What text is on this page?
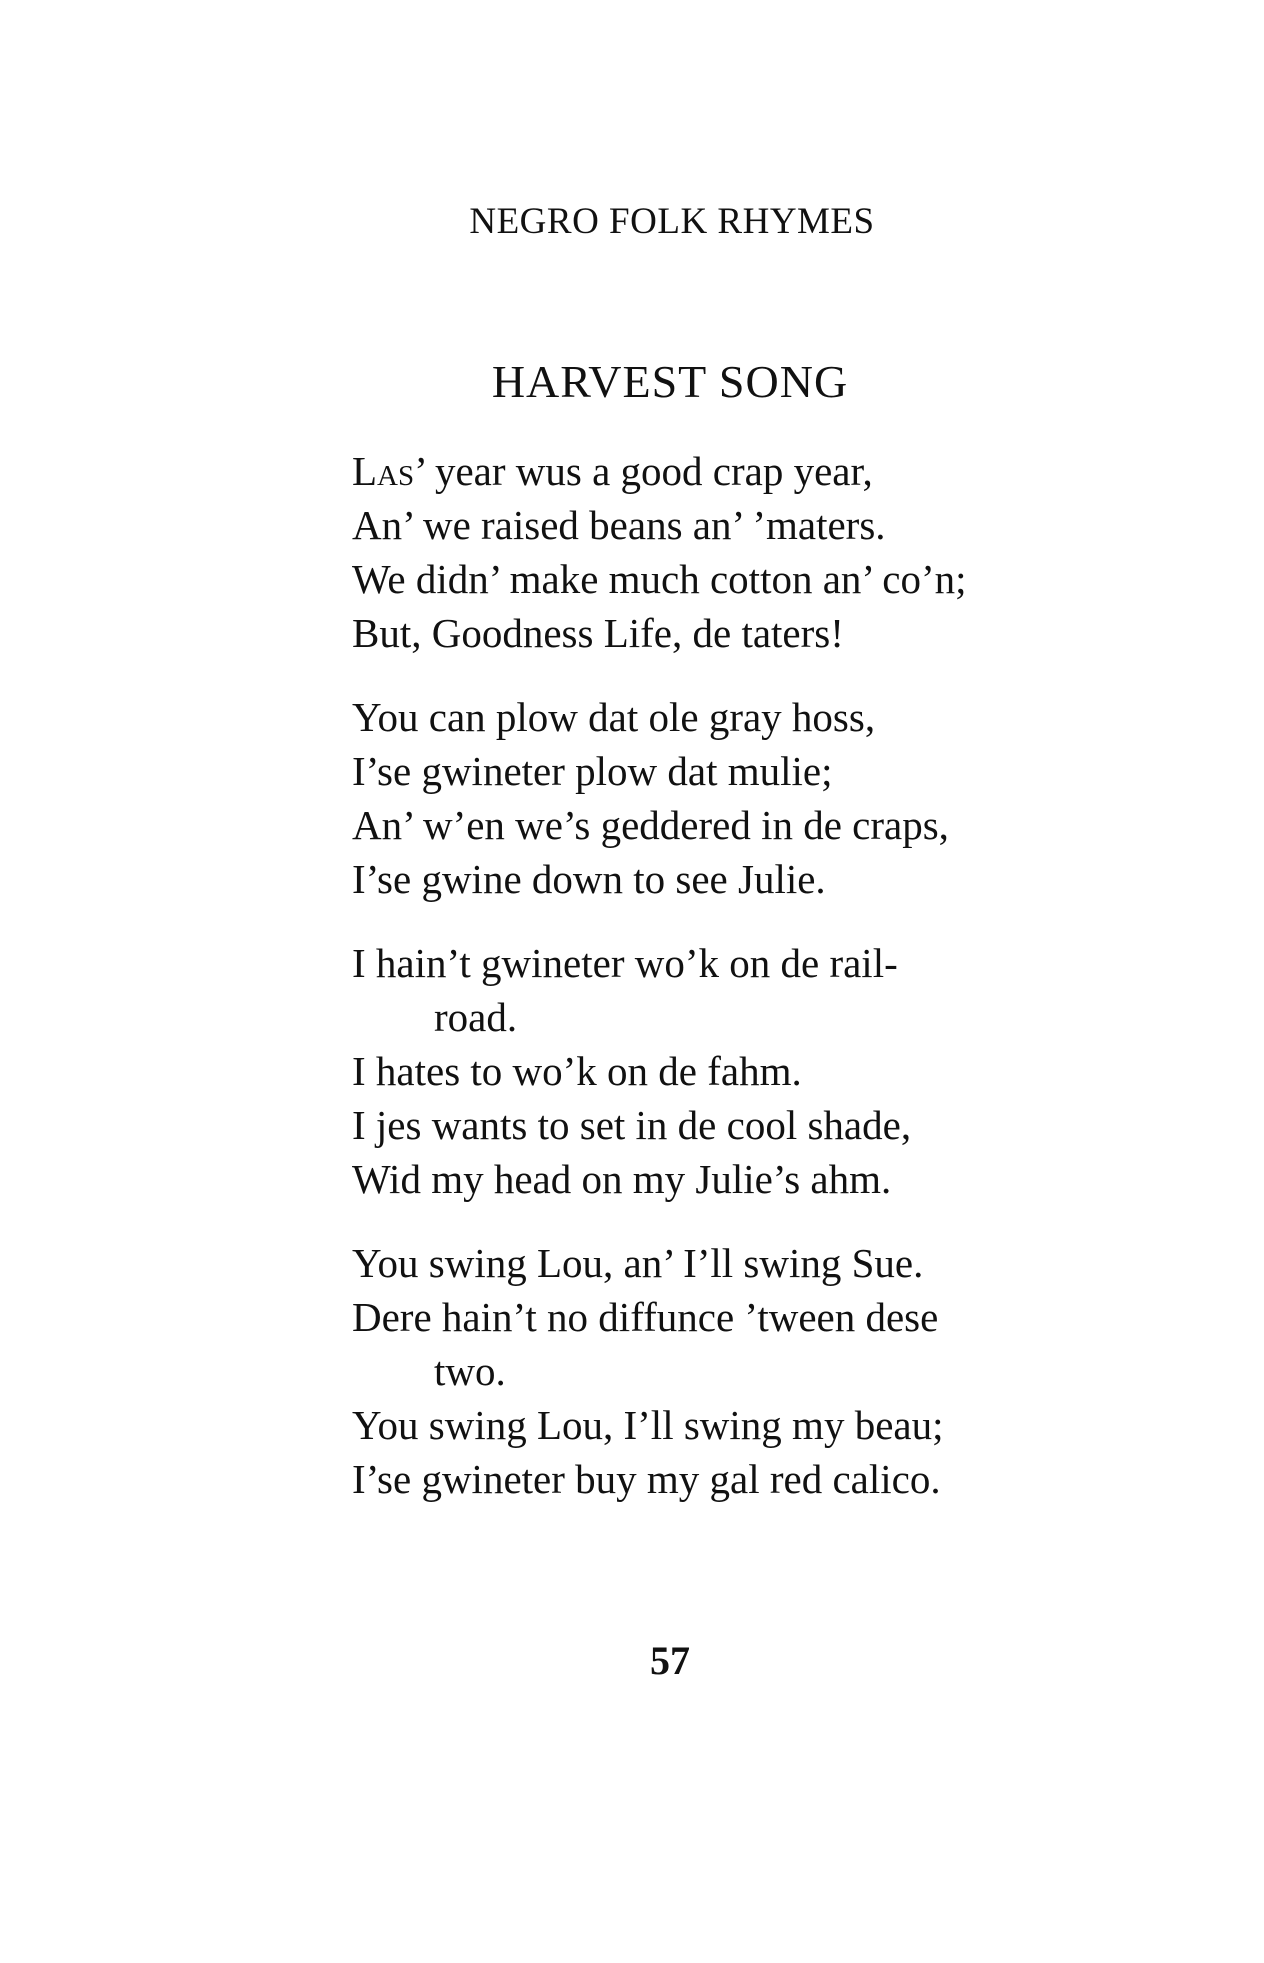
NEGRO FOLK RHYMES
HARVEST SONG

Las’ year wus a good crap year,
An’ we raised beans an’ ’maters.
We didn’ make much cotton an’ co’n;
But, Goodness Life, de taters!

You can plow dat ole gray hoss,
I’se gwineter plow dat mulie;
An’ w’en we’s geddered in de craps,
I’se gwine down to see Julie.

I hain’t gwineter wo’k on de rail-
road.
I hates to wo’k on de fahm.
I jes wants to set in de cool shade,
Wid my head on my Julie’s ahm.

You swing Lou, an’ I’ll swing Sue.
Dere hain’t no diffunce ’tween dese
two.
You swing Lou, I’ll swing my beau;
I’se gwineter buy my gal red calico.

57
